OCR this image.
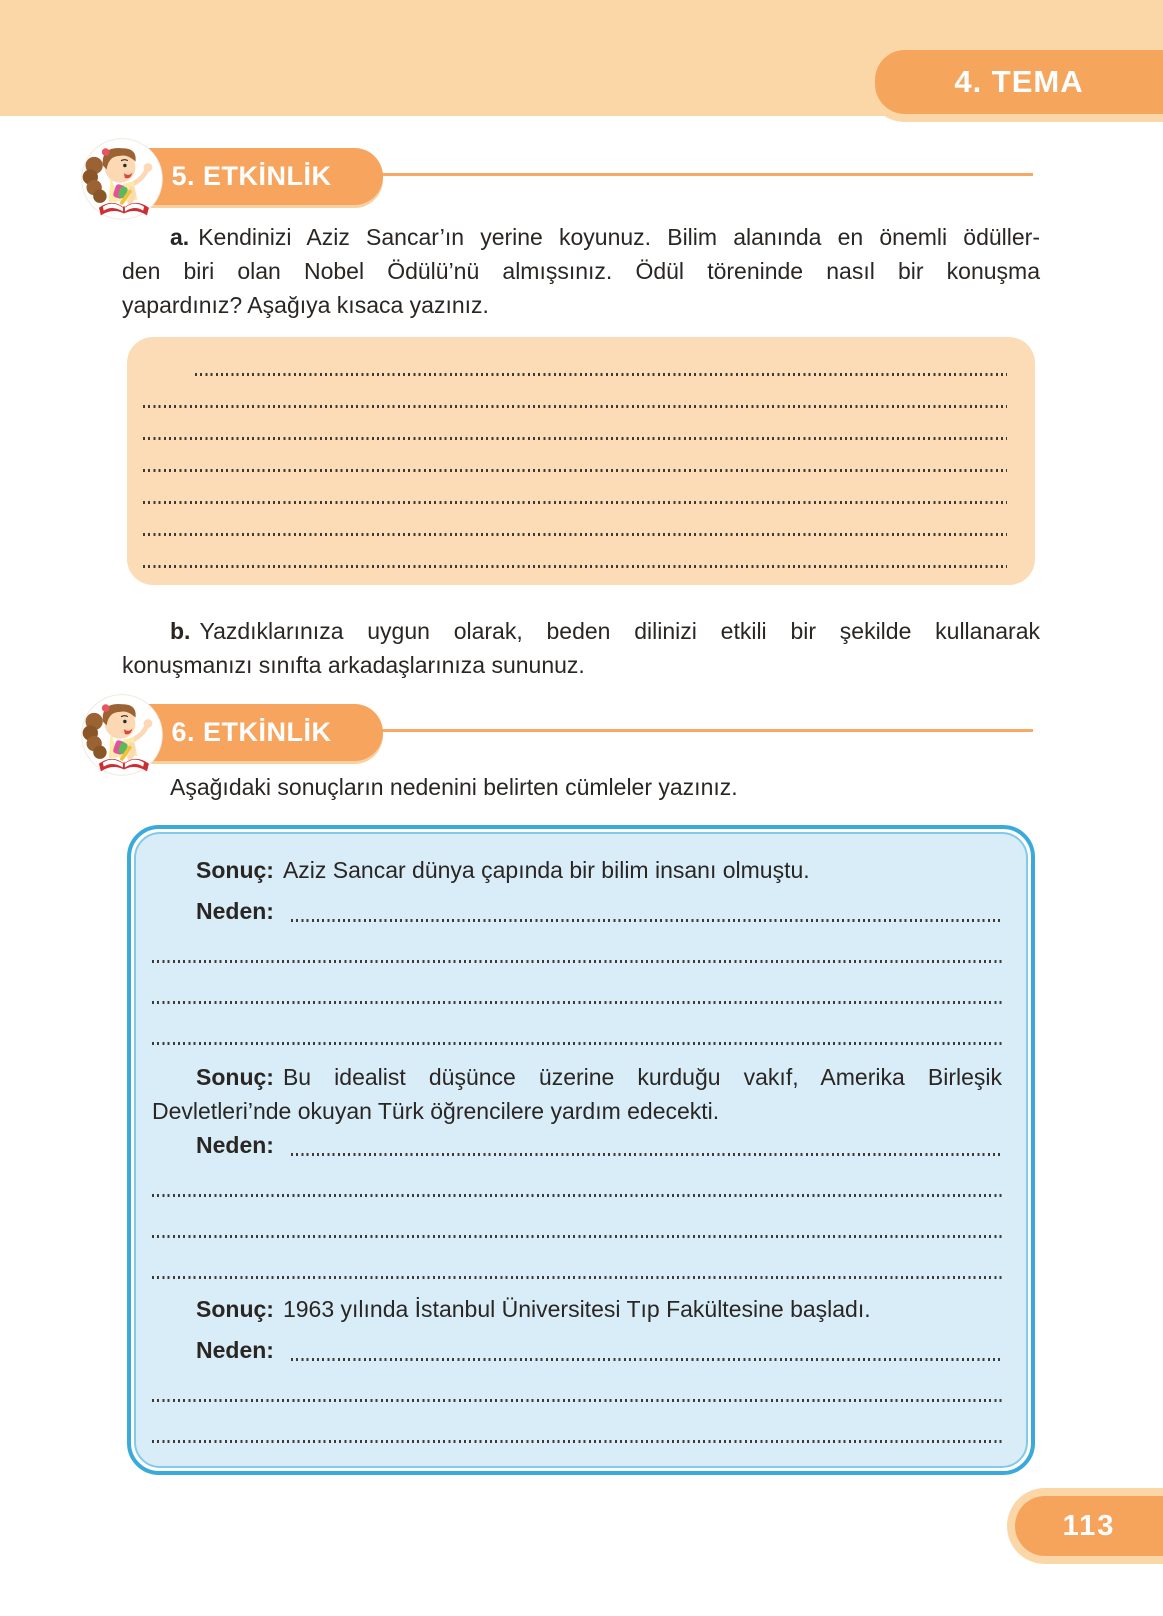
4. TEMA
5. ETKİNLİK
a. Kendinizi Aziz Sancar’ın yerine koyunuz. Bilim alanında en önemli ödüller-
den biri olan Nobel Ödülü’nü almışsınız. Ödül töreninde nasıl bir konuşma
yapardınız? Aşağıya kısaca yazınız.
b. Yazdıklarınıza uygun olarak, beden dilinizi etkili bir şekilde kullanarak
konuşmanızı sınıfta arkadaşlarınıza sununuz.
6. ETKİNLİK
Aşağıdaki sonuçların nedenini belirten cümleler yazınız.
Sonuç: Aziz Sancar dünya çapında bir bilim insanı olmuştu.
Neden:
Sonuç: Bu idealist düşünce üzerine kurduğu vakıf, Amerika Birleşik
Devletleri’nde okuyan Türk öğrencilere yardım edecekti.
Neden:
Sonuç: 1963 yılında İstanbul Üniversitesi Tıp Fakültesine başladı.
Neden:
113
